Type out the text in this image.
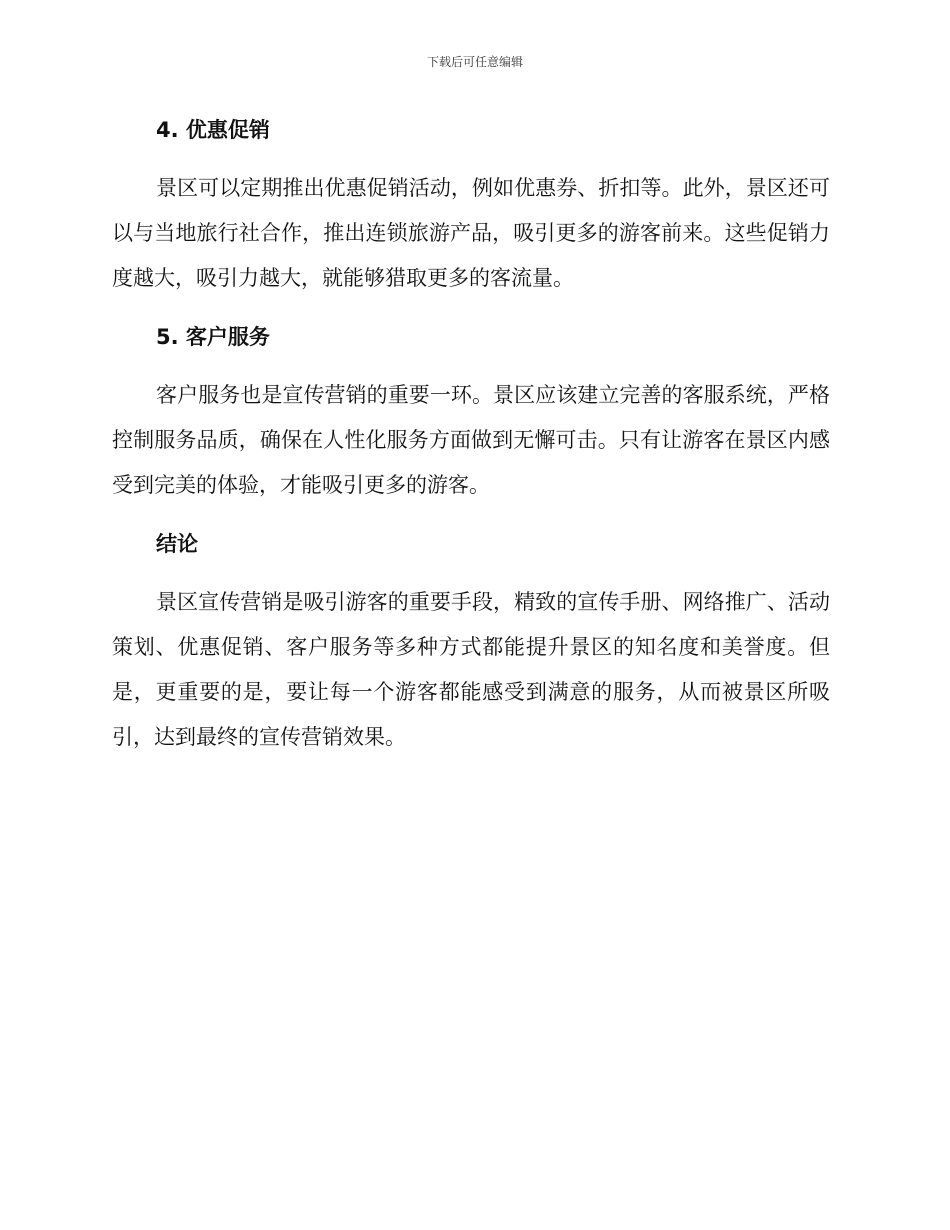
下载后可任意编辑
4. 优惠促销

景区可以定期推出优惠促销活动，例如优惠券、折扣等。此外，景区还可以与当地旅行社合作，推出连锁旅游产品，吸引更多的游客前来。这些促销力度越大，吸引力越大，就能够猎取更多的客流量。

5. 客户服务

客户服务也是宣传营销的重要一环。景区应该建立完善的客服系统，严格控制服务品质，确保在人性化服务方面做到无懈可击。只有让游客在景区内感受到完美的体验，才能吸引更多的游客。

结论

景区宣传营销是吸引游客的重要手段，精致的宣传手册、网络推广、活动策划、优惠促销、客户服务等多种方式都能提升景区的知名度和美誉度。但是，更重要的是，要让每一个游客都能感受到满意的服务，从而被景区所吸引，达到最终的宣传营销效果。
